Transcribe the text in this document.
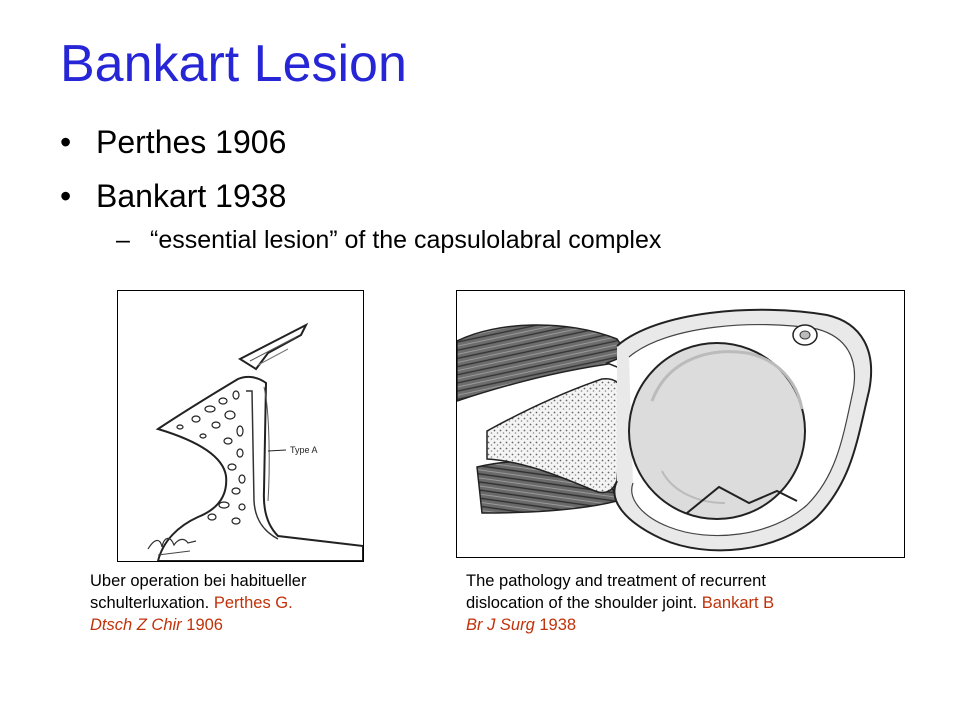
Bankart Lesion
• Perthes 1906
• Bankart 1938
– “essential lesion” of the capsulolabral complex
Type A
Uber operation bei habitueller
schulterluxation. Perthes G.
Dtsch Z Chir 1906
The pathology and treatment of recurrent
dislocation of the shoulder joint. Bankart B
Br J Surg 1938
